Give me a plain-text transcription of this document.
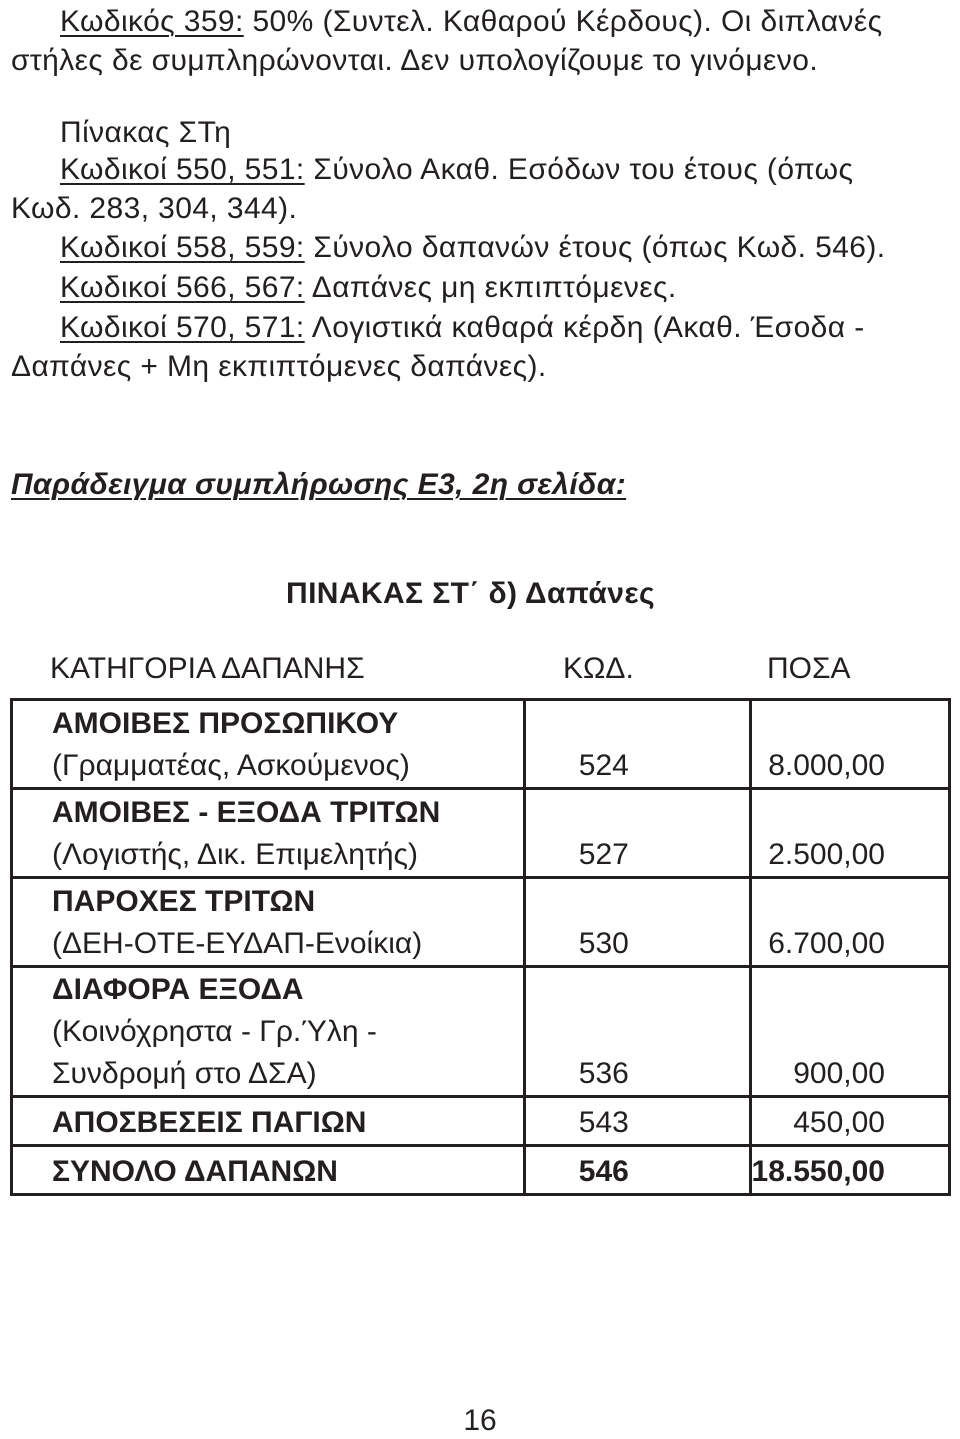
Κωδικός 359: 50% (Συντελ. Καθαρού Κέρδους). Οι διπλανές
στήλες δε συμπληρώνονται. Δεν υπολογίζουμε το γινόμενο.
Πίνακας ΣΤη
Κωδικοί 550, 551: Σύνολο Ακαθ. Εσόδων του έτους (όπως
Κωδ. 283, 304, 344).
Κωδικοί 558, 559: Σύνολο δαπανών έτους (όπως Κωδ. 546).
Κωδικοί 566, 567: Δαπάνες μη εκπιπτόμενες.
Κωδικοί 570, 571: Λογιστικά καθαρά κέρδη (Ακαθ. Έσοδα -
Δαπάνες + Μη εκπιπτόμενες δαπάνες).
Παράδειγμα συμπλήρωσης Ε3, 2η σελίδα:
ΠΙΝΑΚΑΣ ΣΤ΄ δ) Δαπάνες
ΚΑΤΗΓΟΡΙΑ ΔΑΠΑΝΗΣ	ΚΩΔ.	ΠΟΣΑ
ΑΜΟΙΒΕΣ ΠΡΟΣΩΠΙΚΟΥ
(Γραμματέας, Ασκούμενος)	524	8.000,00

ΑΜΟΙΒΕΣ - ΕΞΟΔΑ ΤΡΙΤΩΝ
(Λογιστής, Δικ. Επιμελητής)	527	2.500,00

ΠΑΡΟΧΕΣ ΤΡΙΤΩΝ
(ΔΕΗ-ΟΤΕ-ΕΥΔΑΠ-Ενοίκια)	530	6.700,00

ΔΙΑΦΟΡΑ ΕΞΟΔΑ
(Κοινόχρηστα - Γρ.Ύλη -
Συνδρομή στο ΔΣΑ)	536	900,00

ΑΠΟΣΒΕΣΕΙΣ ΠΑΓΙΩΝ	543	450,00

ΣΥΝΟΛΟ ΔΑΠΑΝΩΝ	546	18.550,00
16
